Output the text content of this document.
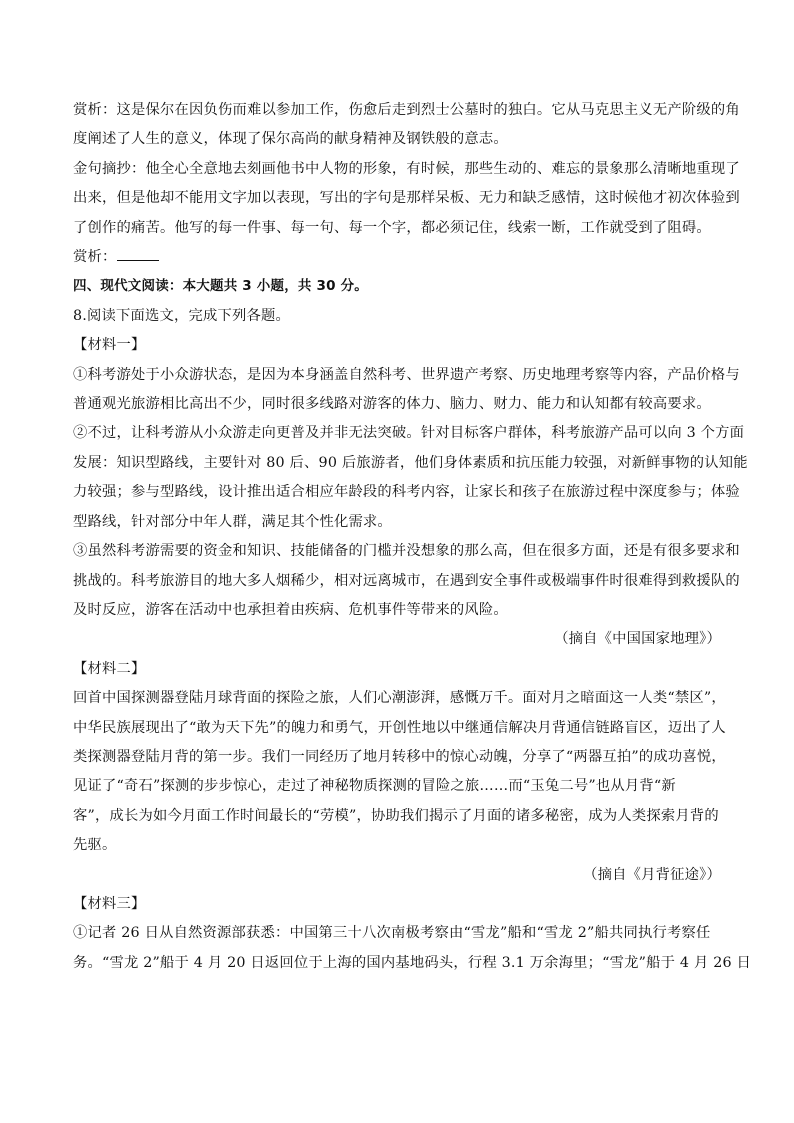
赏析：这是保尔在因负伤而难以参加工作，伤愈后走到烈士公墓时的独白。它从马克思主义无产阶级的角
度阐述了人生的意义，体现了保尔高尚的献身精神及钢铁般的意志。
金句摘抄：他全心全意地去刻画他书中人物的形象，有时候，那些生动的、难忘的景象那么清晰地重现了
出来，但是他却不能用文字加以表现，写出的字句是那样呆板、无力和缺乏感情，这时候他才初次体验到
了创作的痛苦。他写的每一件事、每一句、每一个字，都必须记住，线索一断，工作就受到了阻碍。
赏析：
四、现代文阅读：本大题共 3 小题，共 30 分。
8.阅读下面选文，完成下列各题。
【材料一】
①科考游处于小众游状态，是因为本身涵盖自然科考、世界遗产考察、历史地理考察等内容，产品价格与
普通观光旅游相比高出不少，同时很多线路对游客的体力、脑力、财力、能力和认知都有较高要求。
②不过，让科考游从小众游走向更普及并非无法突破。针对目标客户群体，科考旅游产品可以向 3 个方面
发展：知识型路线，主要针对 80 后、90 后旅游者，他们身体素质和抗压能力较强，对新鲜事物的认知能
力较强；参与型路线，设计推出适合相应年龄段的科考内容，让家长和孩子在旅游过程中深度参与；体验
型路线，针对部分中年人群，满足其个性化需求。
③虽然科考游需要的资金和知识、技能储备的门槛并没想象的那么高，但在很多方面，还是有很多要求和
挑战的。科考旅游目的地大多人烟稀少，相对远离城市，在遇到安全事件或极端事件时很难得到救援队的
及时反应，游客在活动中也承担着由疾病、危机事件等带来的风险。
（摘自《中国国家地理》）
【材料二】
回首中国探测器登陆月球背面的探险之旅，人们心潮澎湃，感慨万千。面对月之暗面这一人类“禁区”，
中华民族展现出了“敢为天下先”的魄力和勇气，开创性地以中继通信解决月背通信链路盲区，迈出了人
类探测器登陆月背的第一步。我们一同经历了地月转移中的惊心动魄，分享了“两器互拍”的成功喜悦，
见证了“奇石”探测的步步惊心，走过了神秘物质探测的冒险之旅……而“玉兔二号”也从月背“新
客”，成长为如今月面工作时间最长的“劳模”，协助我们揭示了月面的诸多秘密，成为人类探索月背的
先驱。
（摘自《月背征途》）
【材料三】
①记者 26 日从自然资源部获悉：中国第三十八次南极考察由“雪龙”船和“雪龙 2”船共同执行考察任
务。“雪龙 2”船于 4 月 20 日返回位于上海的国内基地码头，行程 3.1 万余海里；“雪龙”船于 4 月 26 日
